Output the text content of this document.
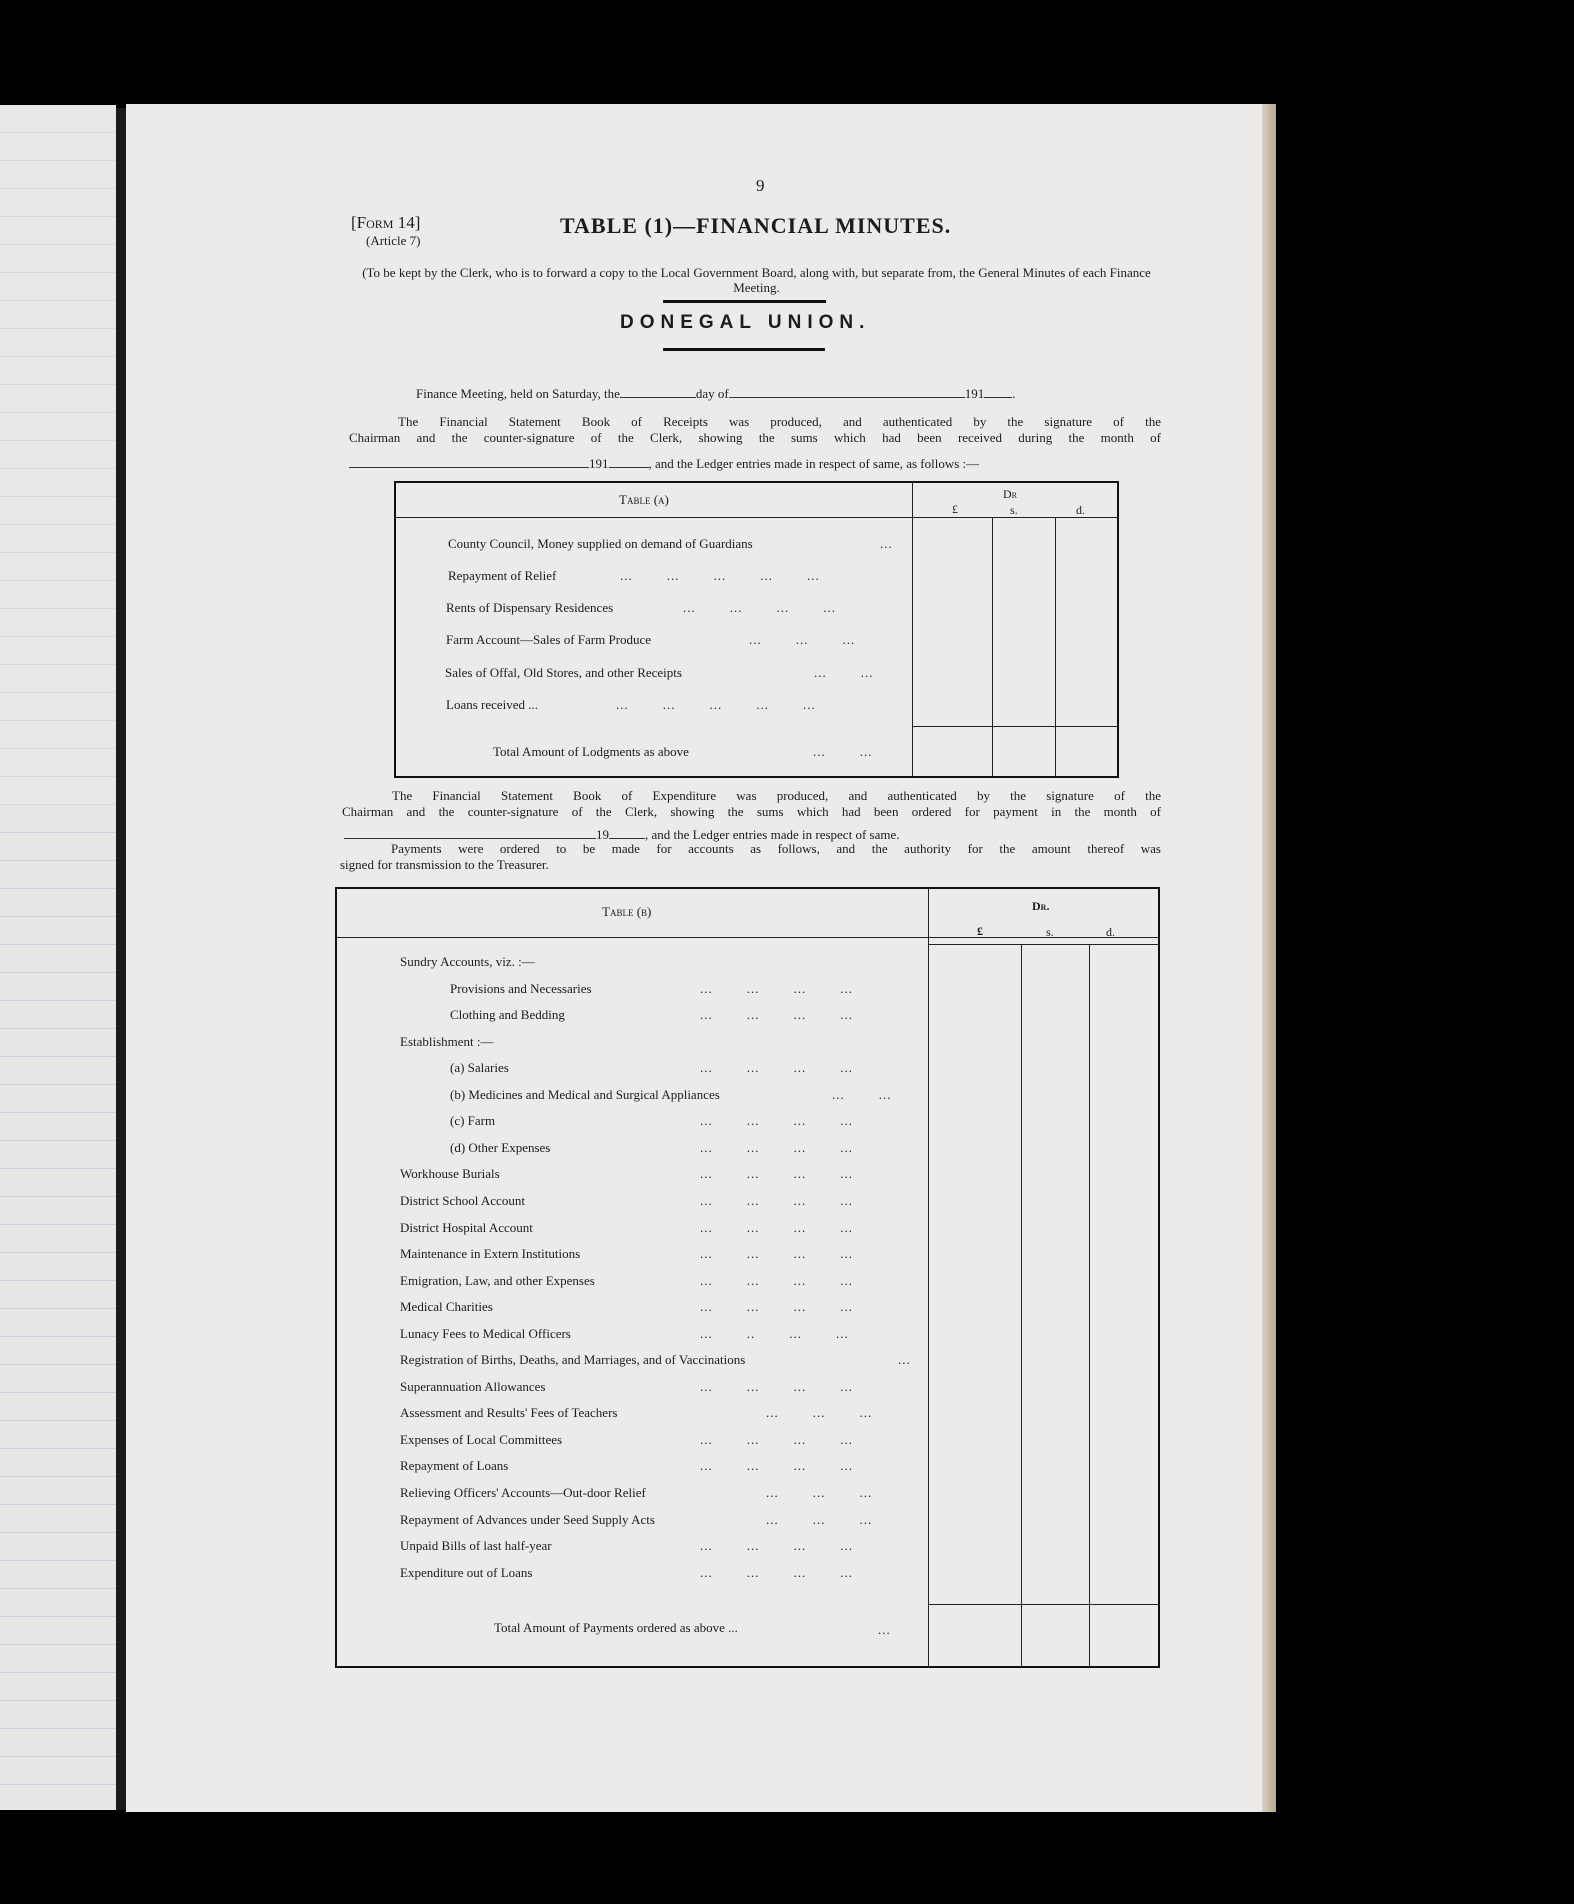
9
[Form 14]
(Article 7)
TABLE (1)—FINANCIAL MINUTES.
(To be kept by the Clerk, who is to forward a copy to the Local Government Board, along with, but separate from, the General Minutes of each Finance Meeting.
DONEGAL UNION.
Finance Meeting, held on Saturday, the	day of	191 .
The Financial Statement Book of Receipts was produced, and authenticated by the signature of the
Chairman and the counter-signature of the Clerk, showing the sums which had been received during the month of
191	, and the Ledger entries made in respect of same, as follows :—
Table (a)	Dr
£	s.	d.
County Council, Money supplied on demand of Guardians	...
Repayment of Relief	...        ...        ...        ...        ...
Rents of Dispensary Residences	...        ...        ...        ...
Farm Account—Sales of Farm Produce	...        ...        ...
Sales of Offal, Old Stores, and other Receipts	...        ...
Loans received ...	...        ...        ...        ...        ...
Total Amount of Lodgments as above	...        ...
The Financial Statement Book of Expenditure was produced, and authenticated by the signature of the
Chairman and the counter-signature of the Clerk, showing the sums which had been ordered for payment in the month of
19	, and the Ledger entries made in respect of same.
Payments were ordered to be made for accounts as follows, and the authority for the amount thereof was
signed for transmission to the Treasurer.
Table (b)	Dr.
£	s.	d.
Sundry Accounts, viz. :—
Provisions and Necessaries	...        ...        ...        ...
Clothing and Bedding	...        ...        ...        ...
Establishment :—
(a) Salaries	...        ...        ...        ...
(b) Medicines and Medical and Surgical Appliances	...        ...
(c) Farm	...        ...        ...        ...
(d) Other Expenses	...        ...        ...        ...
Workhouse Burials	...        ...        ...        ...
District School Account	...        ...        ...        ...
District Hospital Account	...        ...        ...        ...
Maintenance in Extern Institutions	...        ...        ...        ...
Emigration, Law, and other Expenses	...        ...        ...        ...
Medical Charities	...        ...        ...        ...
Lunacy Fees to Medical Officers	...        ..        ...        ...
Registration of Births, Deaths, and Marriages, and of Vaccinations	...
Superannuation Allowances	...        ...        ...        ...
Assessment and Results' Fees of Teachers	...        ...        ...
Expenses of Local Committees	...        ...        ...        ...
Repayment of Loans	...        ...        ...        ...
Relieving Officers' Accounts—Out-door Relief	...        ...        ...
Repayment of Advances under Seed Supply Acts	...        ...        ...
Unpaid Bills of last half-year	...        ...        ...        ...
Expenditure out of Loans	...        ...        ...        ...
Total Amount of Payments ordered as above ...	...
